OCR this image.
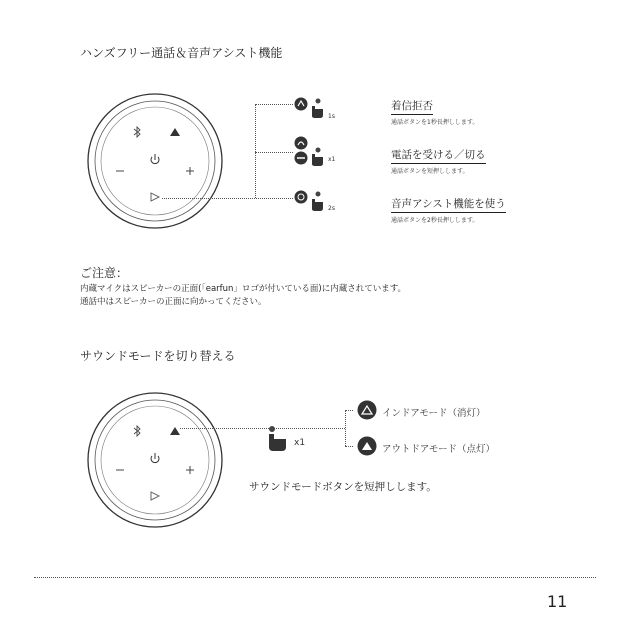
ハンズフリー通話＆音声アシスト機能
1s
x1
2s
着信拒否
通話ボタンを1秒長押しします。
電話を受ける／切る
通話ボタンを短押しします。
音声アシスト機能を使う
通話ボタンを2秒長押しします。
ご注意：
内蔵マイクはスピーカーの正面(「earfun」ロゴが付いている面)に内蔵されています。
通話中はスピーカーの正面に向かってください。
サウンドモードを切り替える
x1
インドアモード（消灯）
アウトドアモード（点灯）
サウンドモードボタンを短押しします。
11
